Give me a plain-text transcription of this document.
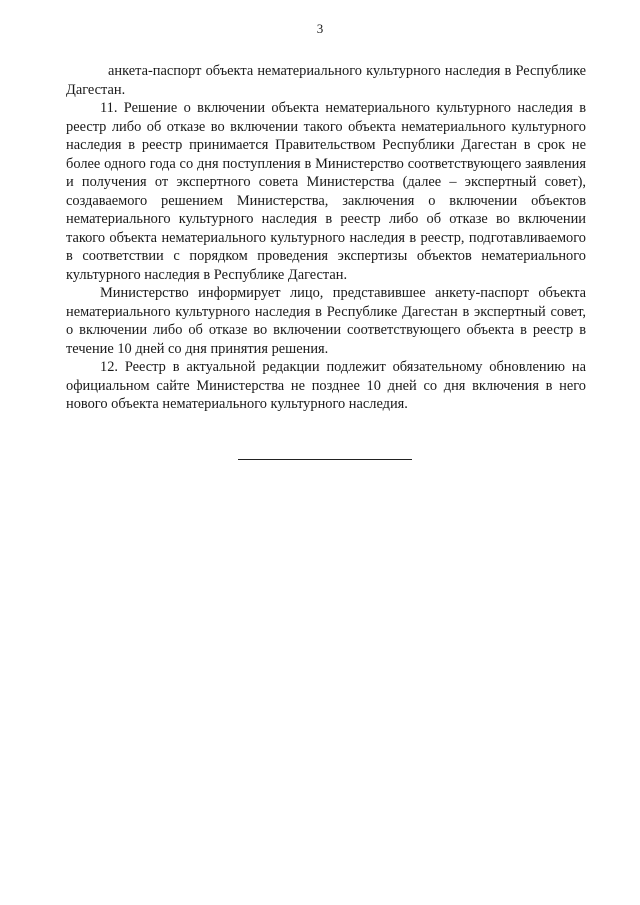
3

анкета-паспорт объекта нематериального культурного наследия в Республике Дагестан.

11. Решение о включении объекта нематериального культурного наследия в реестр либо об отказе во включении такого объекта нематериального культурного наследия в реестр принимается Правительством Республики Дагестан в срок не более одного года со дня поступления в Министерство соответствующего заявления и получения от экспертного совета Министерства (далее – экспертный совет), создаваемого решением Министерства, заключения о включении объектов нематериального культурного наследия в реестр либо об отказе во включении такого объекта нематериального культурного наследия в реестр, подготавливаемого в соответствии с порядком проведения экспертизы объектов нематериального культурного наследия в Республике Дагестан.

Министерство информирует лицо, представившее анкету-паспорт объекта нематериального культурного наследия в Республике Дагестан в экспертный совет, о включении либо об отказе во включении соответствующего объекта в реестр в течение 10 дней со дня принятия решения.

12. Реестр в актуальной редакции подлежит обязательному обновлению на официальном сайте Министерства не позднее 10 дней со дня включения в него нового объекта нематериального культурного наследия.
